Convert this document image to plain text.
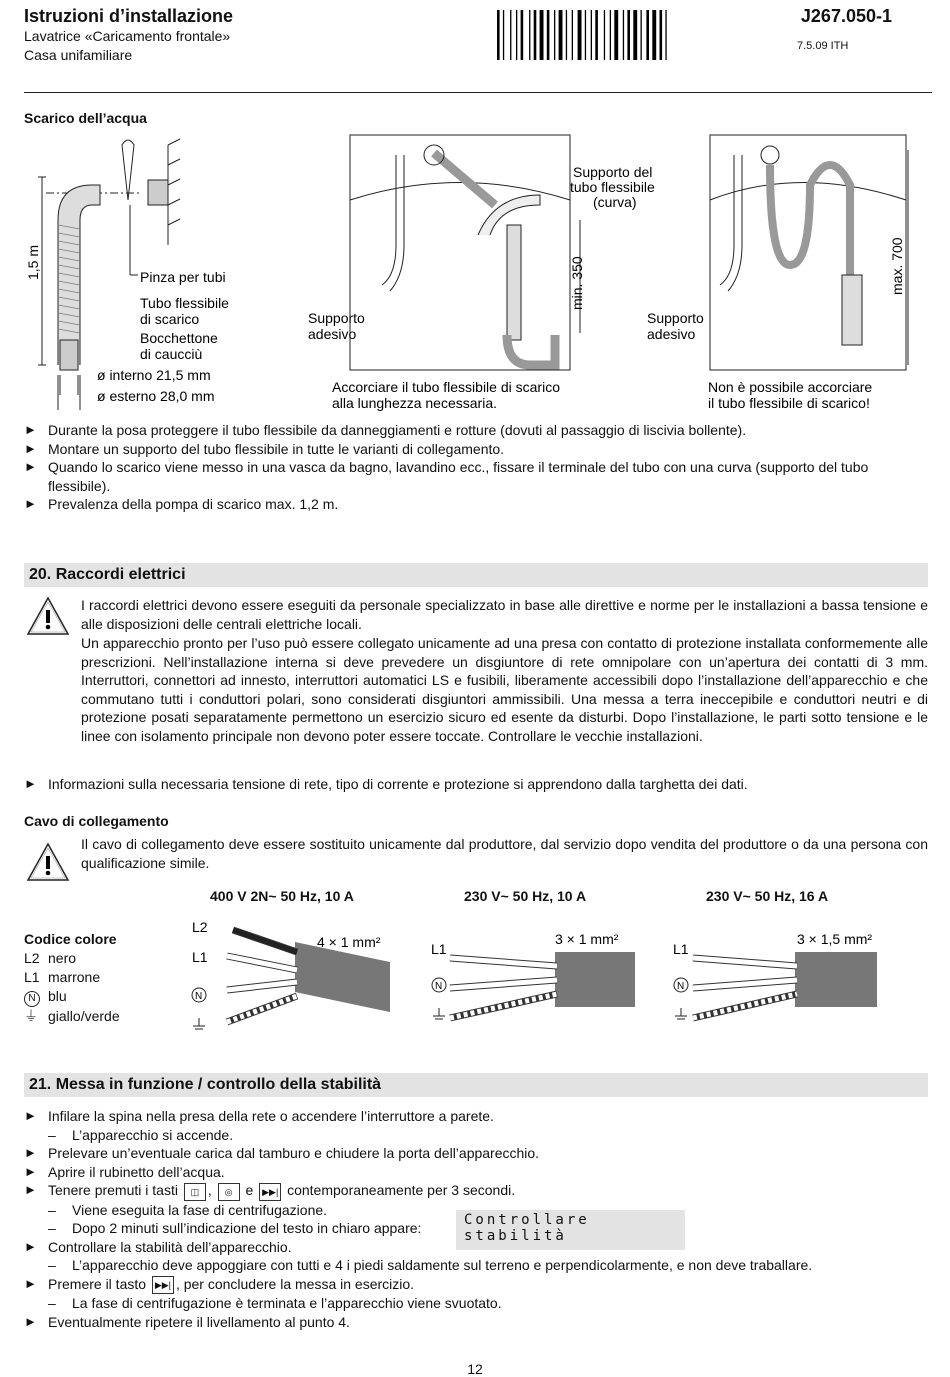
Istruzioni d’installazione
Lavatrice «Caricamento frontale»
Casa unifamiliare
J267.050-1
7.5.09 ITH
Scarico dell’acqua
1,5 m	Pinza per tubi
Tubo flessibile
di scarico
Bocchettone
di caucciù
ø interno 21,5 mm
ø esterno 28,0 mm
Supporto del
tubo flessibile
(curva)
Supporto
adesivo
min. 350
Accorciare il tubo flessibile di scarico
alla lunghezza necessaria.
Supporto
adesivo
max. 700
Non è possibile accorciare
il tubo flessibile di scarico!
► Durante la posa proteggere il tubo flessibile da danneggiamenti e rotture (dovuti al passaggio di liscivia bollente).
► Montare un supporto del tubo flessibile in tutte le varianti di collegamento.
► Quando lo scarico viene messo in una vasca da bagno, lavandino ecc., fissare il terminale del tubo con una curva (supporto del tubo flessibile).
► Prevalenza della pompa di scarico max. 1,2 m.
20. Raccordi elettrici

I raccordi elettrici devono essere eseguiti da personale specializzato in base alle direttive e norme per le installazioni a bassa tensione e alle disposizioni delle centrali elettriche locali.

Un apparecchio pronto per l’uso può essere collegato unicamente ad una presa con contatto di protezione installata conformemente alle prescrizioni. Nell’installazione interna si deve prevedere un disgiuntore di rete omnipolare con un’apertura dei contatti di 3 mm. Interruttori, connettori ad innesto, interruttori automatici LS e fusibili, liberamente accessibili dopo l’installazione dell’apparecchio e che commutano tutti i conduttori polari, sono considerati disgiuntori ammissibili. Una messa a terra ineccepibile e conduttori neutri e di protezione posati separatamente permettono un esercizio sicuro ed esente da disturbi. Dopo l’installazione, le parti sotto tensione e le linee con isolamento principale non devono poter essere toccate. Controllare le vecchie installazioni.

► Informazioni sulla necessaria tensione di rete, tipo di corrente e protezione si apprendono dalla targhetta dei dati.
Cavo di collegamento

Il cavo di collegamento deve essere sostituito unicamente dal produttore, dal servizio dopo vendita del produttore o da una persona con qualificazione simile.

Codice colore
L2 nero
L1 marrone
N blu
⏚ giallo/verde
400 V 2N~ 50 Hz, 10 A	230 V~ 50 Hz, 10 A	230 V~ 50 Hz, 16 A
L2
L1
N
4 × 1 mm²	L1
N
3 × 1 mm²
L1
N
3 × 1,5 mm²
21. Messa in funzione / controllo della stabilità
► Infilare la spina nella presa della rete o accendere l’interruttore a parete.
– L’apparecchio si accende.
► Prelevare un’eventuale carica dal tamburo e chiudere la porta dell’apparecchio.
► Aprire il rubinetto dell’acqua.
► Tenere premuti i tasti ◫ , ◎ e ▶▶| contemporaneamente per 3 secondi.
– Viene eseguita la fase di centrifugazione.
– Dopo 2 minuti sull’indicazione del testo in chiaro appare:
► Controllare la stabilità dell’apparecchio.
– L’apparecchio deve appoggiare con tutti e 4 i piedi saldamente sul terreno e perpendicolarmente, e non deve traballare.
► Premere il tasto ▶▶| , per concludere la messa in esercizio.
– La fase di centrifugazione è terminata e l’apparecchio viene svuotato.
► Eventualmente ripetere il livellamento al punto 4.
Controllare stabilità
12
